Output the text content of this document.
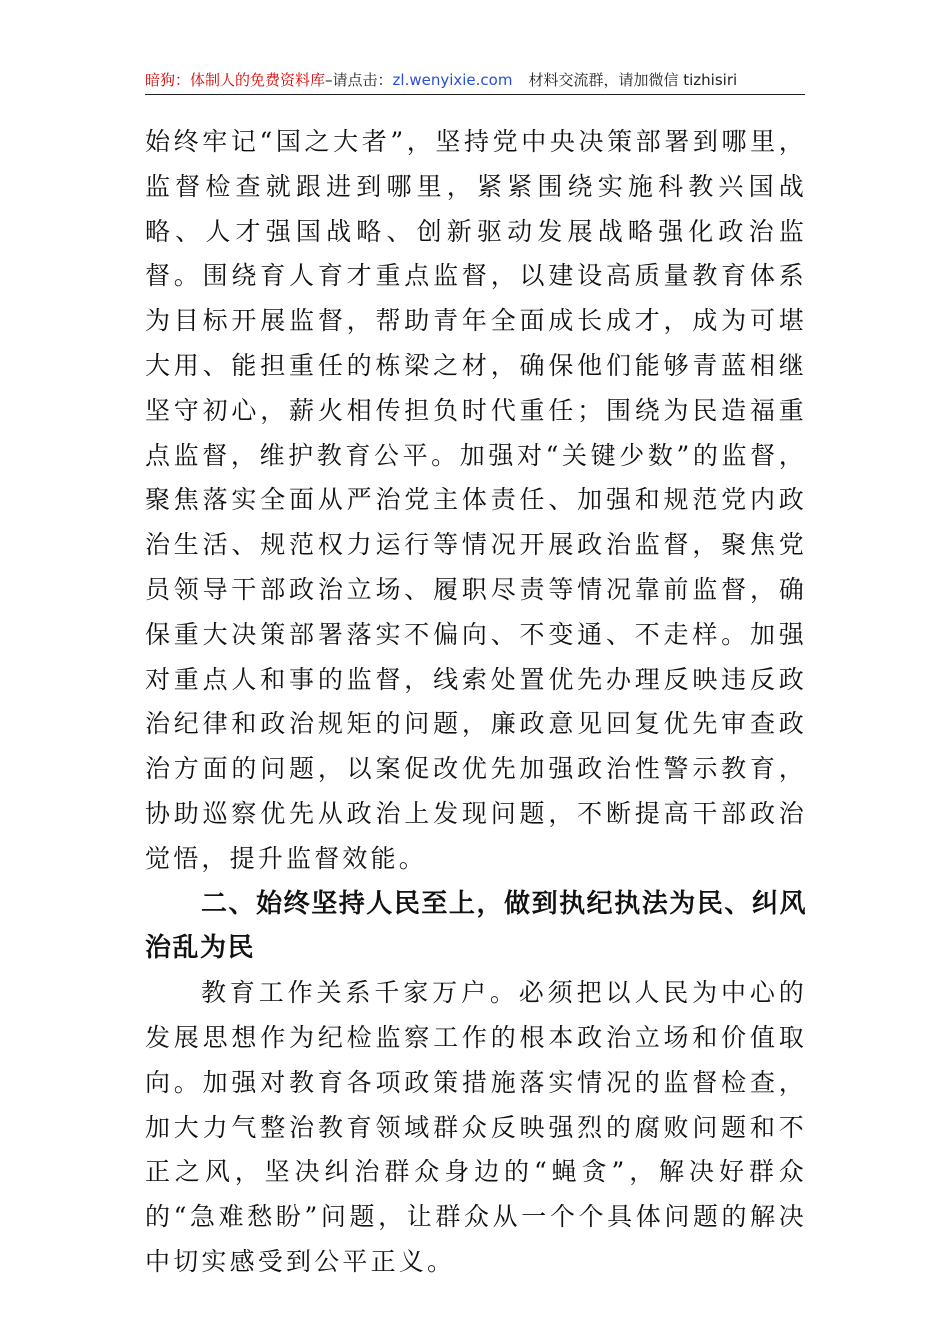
暗狗：体制人的免费资料库–请点击：zl.wenyixie.com 材料交流群，请加微信 tizhisiri

始终牢记“国之大者”，坚持党中央决策部署到哪里，监督检查就跟进到哪里，紧紧围绕实施科教兴国战略、人才强国战略、创新驱动发展战略强化政治监督。围绕育人育才重点监督，以建设高质量教育体系为目标开展监督，帮助青年全面成长成才，成为可堪大用、能担重任的栋梁之材，确保他们能够青蓝相继坚守初心，薪火相传担负时代重任；围绕为民造福重点监督，维护教育公平。加强对“关键少数”的监督，聚焦落实全面从严治党主体责任、加强和规范党内政治生活、规范权力运行等情况开展政治监督，聚焦党员领导干部政治立场、履职尽责等情况靠前监督，确保重大决策部署落实不偏向、不变通、不走样。加强对重点人和事的监督，线索处置优先办理反映违反政治纪律和政治规矩的问题，廉政意见回复优先审查政治方面的问题，以案促改优先加强政治性警示教育，协助巡察优先从政治上发现问题，不断提高干部政治觉悟，提升监督效能。

二、始终坚持人民至上，做到执纪执法为民、纠风治乱为民

教育工作关系千家万户。必须把以人民为中心的发展思想作为纪检监察工作的根本政治立场和价值取向。加强对教育各项政策措施落实情况的监督检查，加大力气整治教育领域群众反映强烈的腐败问题和不正之风，坚决纠治群众身边的“蝇贪”，解决好群众的“急难愁盼”问题，让群众从一个个具体问题的解决中切实感受到公平正义。
